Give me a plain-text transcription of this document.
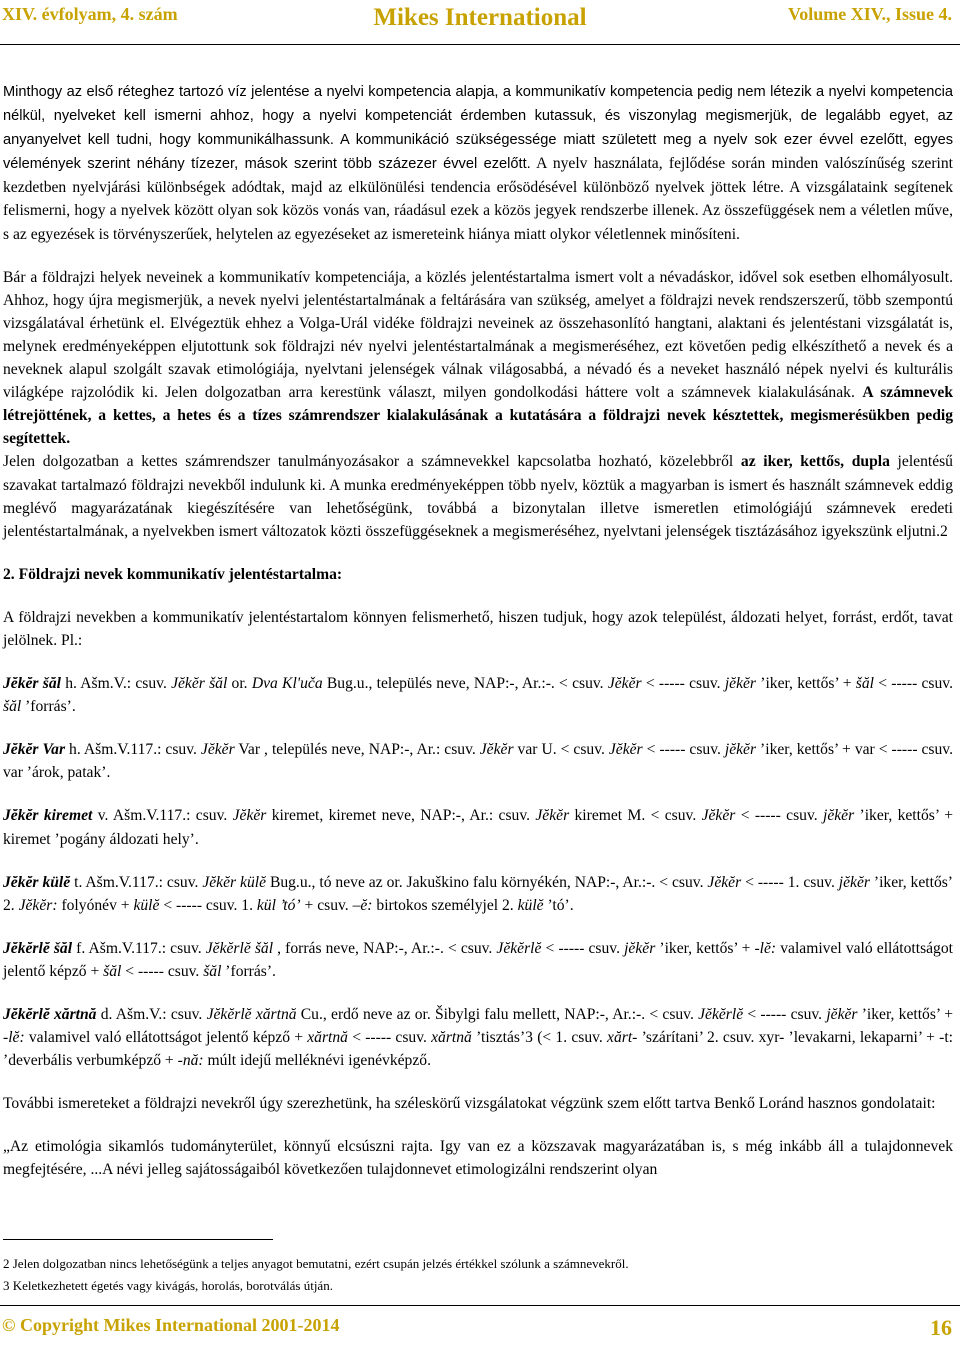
XIV. évfolyam, 4. szám	Mikes International	Volume XIV., Issue 4.

Minthogy az első réteghez tartozó víz jelentése a nyelvi kompetencia alapja, a kommunikatív kompetencia pedig nem létezik a nyelvi kompetencia nélkül, nyelveket kell ismerni ahhoz, hogy a nyelvi kompetenciát érdemben kutassuk, és viszonylag megismerjük, de legalább egyet, az anyanyelvet kell tudni, hogy kommunikálhassunk. A kommunikáció szükségessége miatt született meg a nyelv sok ezer évvel ezelőtt, egyes vélemények szerint néhány tízezer, mások szerint több százezer évvel ezelőtt. A nyelv használata, fejlődése során minden valószínűség szerint kezdetben nyelvjárási különbségek adódtak, majd az elkülönülési tendencia erősödésével különböző nyelvek jöttek létre. A vizsgálataink segítenek felismerni, hogy a nyelvek között olyan sok közös vonás van, ráadásul ezek a közös jegyek rendszerbe illenek. Az összefüggések nem a véletlen műve, s az egyezések is törvényszerűek, helytelen az egyezéseket az ismereteink hiánya miatt olykor véletlennek minősíteni.

Bár a földrajzi helyek neveinek a kommunikatív kompetenciája, a közlés jelentéstartalma ismert volt a névadáskor, idővel sok esetben elhomályosult. Ahhoz, hogy újra megismerjük, a nevek nyelvi jelentéstartalmának a feltárására van szükség, amelyet a földrajzi nevek rendszerszerű, több szempontú vizsgálatával érhetünk el. Elvégeztük ehhez a Volga-Urál vidéke földrajzi neveinek az összehasonlító hangtani, alaktani és jelentéstani vizsgálatát is, melynek eredményeképpen eljutottunk sok földrajzi név nyelvi jelentéstartalmának a megismeréséhez, ezt követően pedig elkészíthető a nevek és a neveknek alapul szolgált szavak etimológiája, nyelvtani jelenségek válnak világosabbá, a névadó és a neveket használó népek nyelvi és kulturális világképe rajzolódik ki. Jelen dolgozatban arra kerestünk választ, milyen gondolkodási háttere volt a számnevek kialakulásának. A számnevek létrejöttének, a kettes, a hetes és a tízes számrendszer kialakulásának a kutatására a földrajzi nevek késztettek, megismerésükben pedig segítettek.

Jelen dolgozatban a kettes számrendszer tanulmányozásakor a számnevekkel kapcsolatba hozható, közelebbről az iker, kettős, dupla jelentésű szavakat tartalmazó földrajzi nevekből indulunk ki. A munka eredményeképpen több nyelv, köztük a magyarban is ismert és használt számnevek eddig meglévő magyarázatának kiegészítésére van lehetőségünk, továbbá a bizonytalan illetve ismeretlen etimológiájú számnevek eredeti jelentéstartalmának, a nyelvekben ismert változatok közti összefüggéseknek a megismeréséhez, nyelvtani jelenségek tisztázásához igyekszünk eljutni.2

2. Földrajzi nevek kommunikatív jelentéstartalma:

A földrajzi nevekben a kommunikatív jelentéstartalom könnyen felismerhető, hiszen tudjuk, hogy azok települést, áldozati helyet, forrást, erdőt, tavat jelölnek. Pl.:

Jĕkĕr šăl h. Ašm.V.: csuv. Jĕkĕr šăl or. Dva Kl'uča Bug.u., település neve, NAP:-, Ar.:-. < csuv. Jĕkĕr < ----- csuv. jĕkĕr ’iker, kettős’ + šăl < ----- csuv. šăl ’forrás’.

Jĕkĕr Var h. Ašm.V.117.: csuv. Jĕkĕr Var , település neve, NAP:-, Ar.: csuv. Jĕkĕr var U. < csuv. Jĕkĕr < ----- csuv. jĕkĕr ’iker, kettős’ + var < ----- csuv. var ’árok, patak’.

Jĕkĕr kiremet v. Ašm.V.117.: csuv. Jĕkĕr kiremet, kiremet neve, NAP:-, Ar.: csuv. Jĕkĕr kiremet M. < csuv. Jĕkĕr < ----- csuv. jĕkĕr ’iker, kettős’ + kiremet ’pogány áldozati hely’.

Jĕkĕr külĕ t. Ašm.V.117.: csuv. Jĕkĕr külĕ Bug.u., tó neve az or. Jakuškino falu környékén, NAP:-, Ar.:-. < csuv. Jĕkĕr < ----- 1. csuv. jĕkĕr ’iker, kettős’ 2. Jĕkĕr: folyónév + külĕ < ----- csuv. 1. kül ’tó’ + csuv. –ĕ: birtokos személyjel 2. külĕ ’tó’.

Jĕkĕrlĕ šăl f. Ašm.V.117.: csuv. Jĕkĕrlĕ šăl , forrás neve, NAP:-, Ar.:-. < csuv. Jĕkĕrlĕ < ----- csuv. jĕkĕr ’iker, kettős’ + -lĕ: valamivel való ellátottságot jelentő képző + šăl < ----- csuv. šăl ’forrás’.

Jĕkĕrlĕ xărtnă d. Ašm.V.: csuv. Jĕkĕrlĕ xărtnă Cu., erdő neve az or. Šibylgi falu mellett, NAP:-, Ar.:-. < csuv. Jĕkĕrlĕ < ----- csuv. jĕkĕr ’iker, kettős’ + -lĕ: valamivel való ellátottságot jelentő képző + xărtnă < ----- csuv. xărtnă ’tisztás’3 (< 1. csuv. xărt- ’szárítani’ 2. csuv. xyr- ’levakarni, lekaparni’ + -t: ’deverbális verbumképző + -nă: múlt idejű melléknévi igenévképző.

További ismereteket a földrajzi nevekről úgy szerezhetünk, ha széleskörű vizsgálatokat végzünk szem előtt tartva Benkő Loránd hasznos gondolatait:

„Az etimológia sikamlós tudományterület, könnyű elcsúszni rajta. Igy van ez a közszavak magyarázatában is, s még inkább áll a tulajdonnevek megfejtésére, ...A névi jelleg sajátosságaiból következően tulajdonnevet etimologizálni rendszerint olyan

2 Jelen dolgozatban nincs lehetőségünk a teljes anyagot bemutatni, ezért csupán jelzés értékkel szólunk a számnevekről.

3 Keletkezhetett égetés vagy kivágás, horolás, borotválás útján.

© Copyright Mikes International 2001-2014	16
